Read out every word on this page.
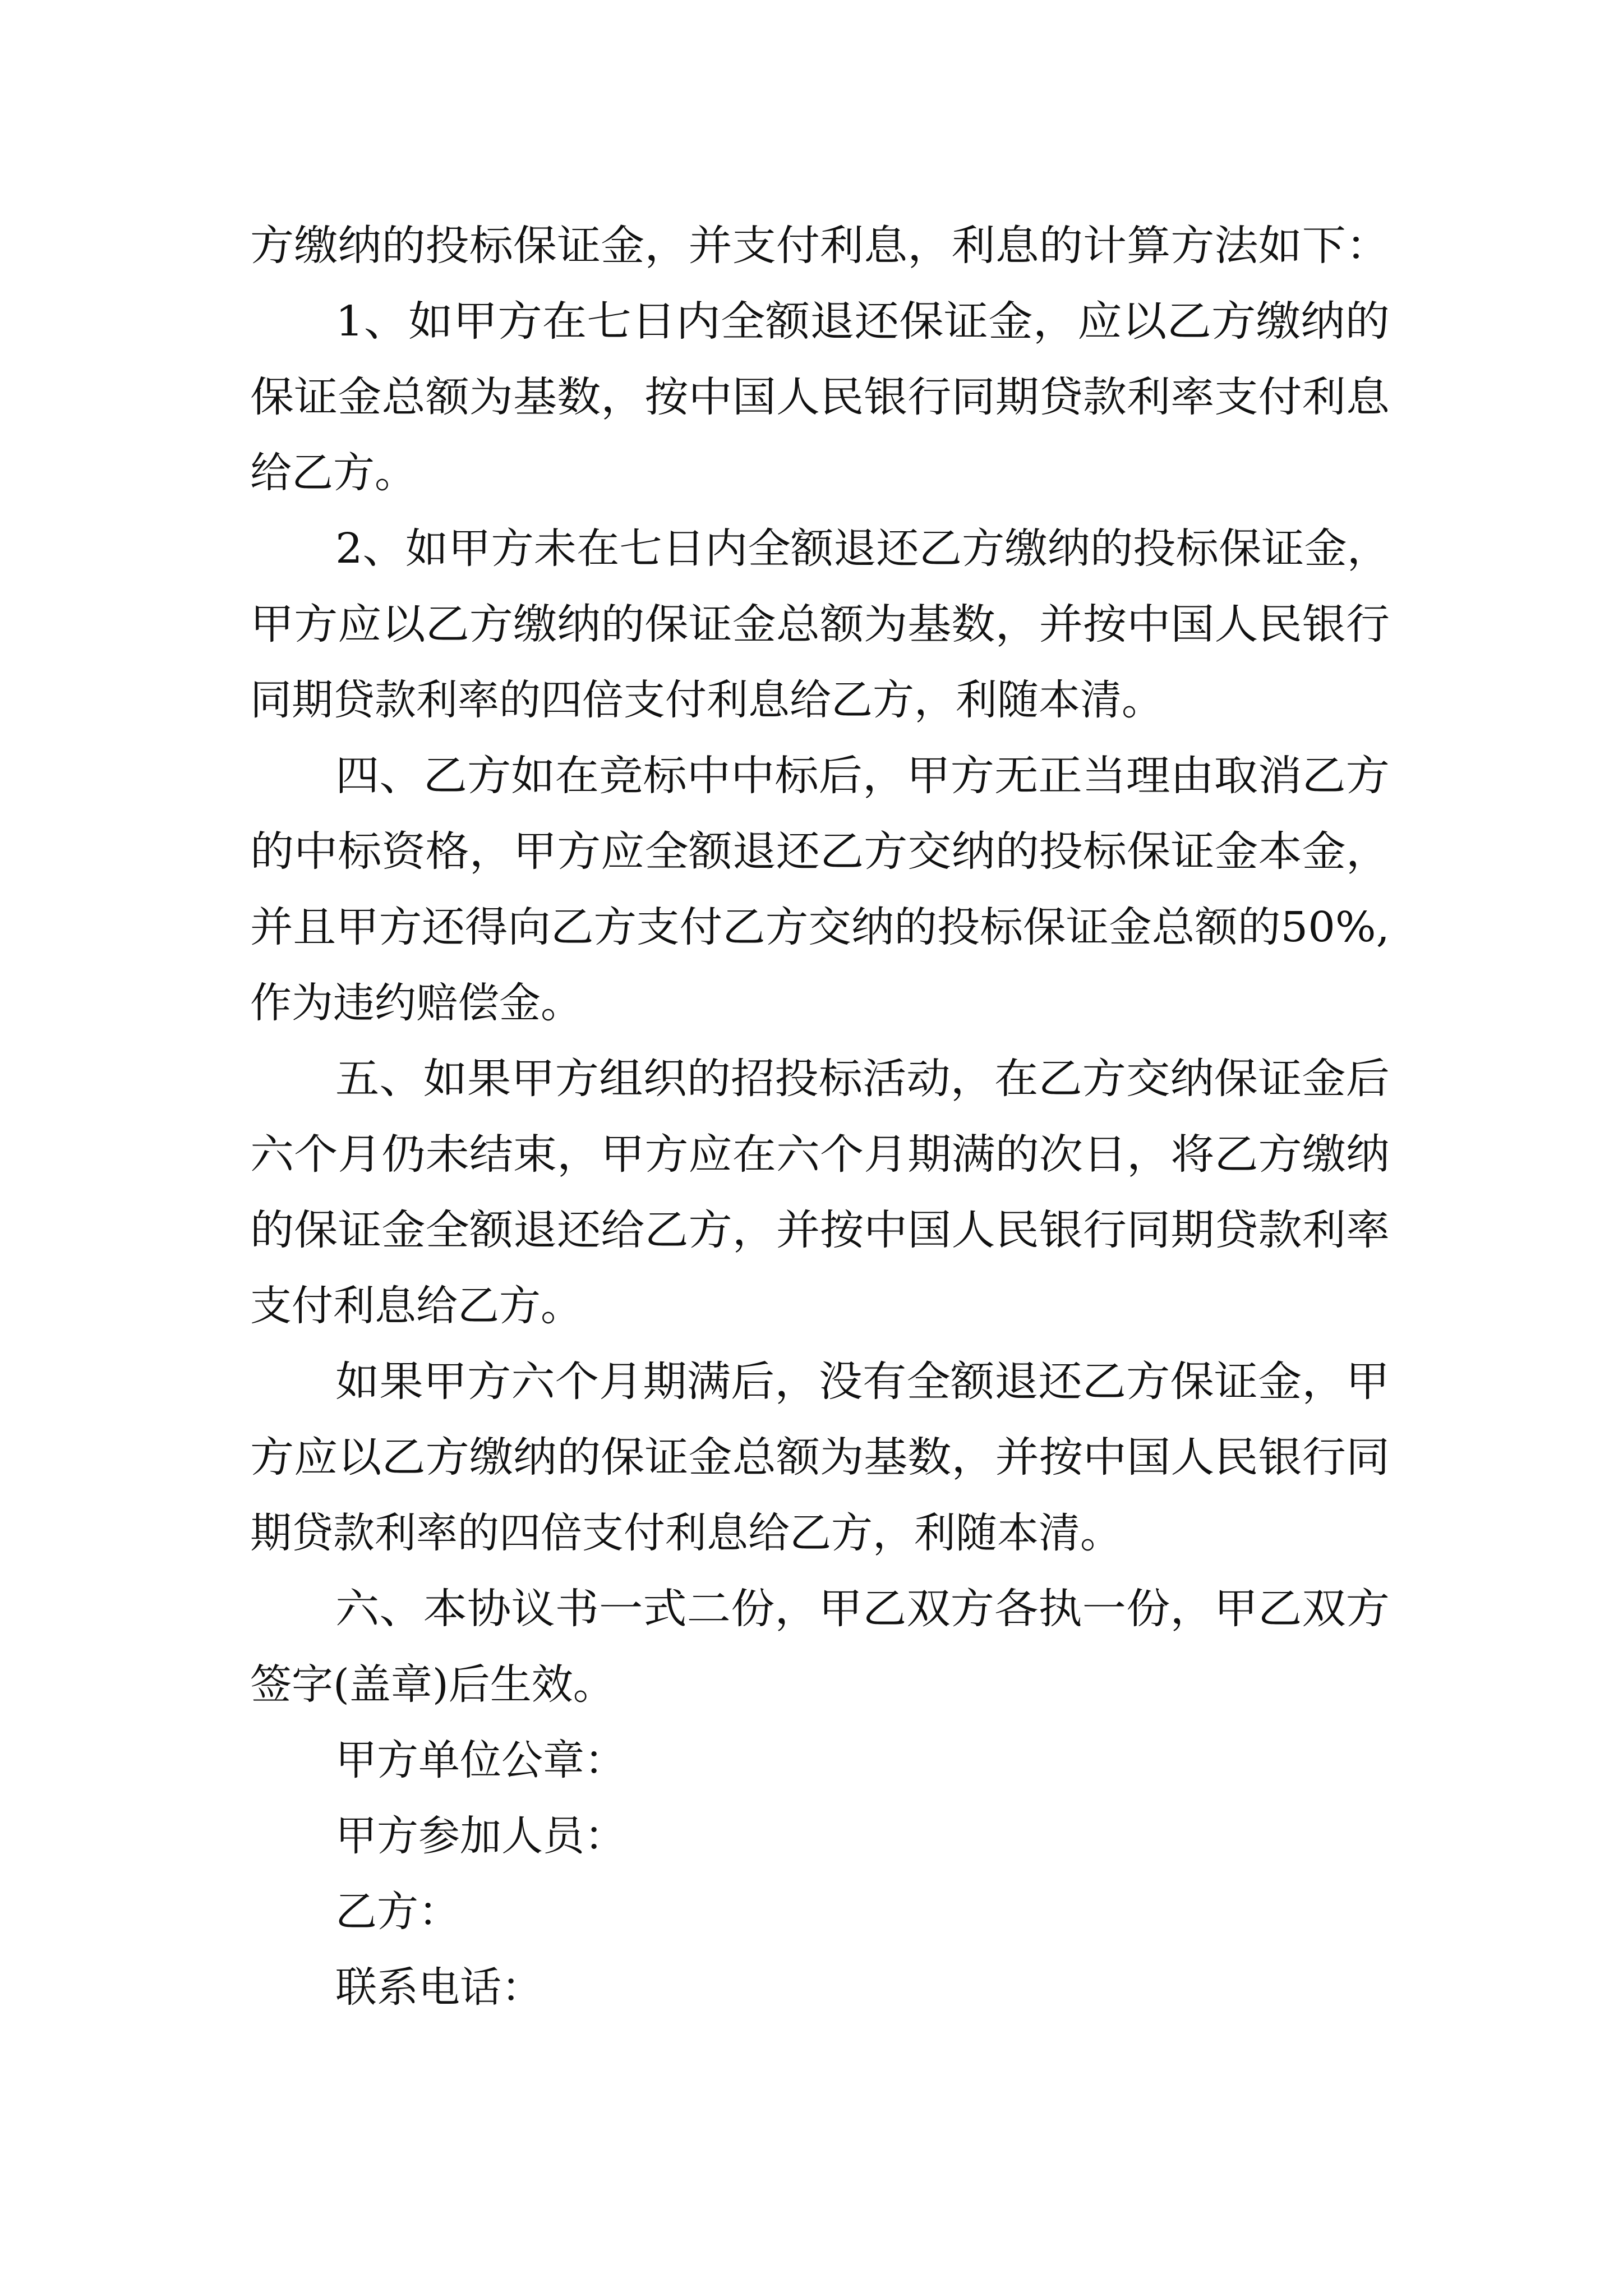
方缴纳的投标保证金，并支付利息，利息的计算方法如下：
1、如甲方在七日内全额退还保证金，应以乙方缴纳的
保证金总额为基数，按中国人民银行同期贷款利率支付利息
给乙方。
2、如甲方未在七日内全额退还乙方缴纳的投标保证金，
甲方应以乙方缴纳的保证金总额为基数，并按中国人民银行
同期贷款利率的四倍支付利息给乙方，利随本清。
四、乙方如在竞标中中标后，甲方无正当理由取消乙方
的中标资格，甲方应全额退还乙方交纳的投标保证金本金，
并且甲方还得向乙方支付乙方交纳的投标保证金总额的50%,
作为违约赔偿金。
五、如果甲方组织的招投标活动，在乙方交纳保证金后
六个月仍未结束，甲方应在六个月期满的次日，将乙方缴纳
的保证金全额退还给乙方，并按中国人民银行同期贷款利率
支付利息给乙方。
如果甲方六个月期满后，没有全额退还乙方保证金，甲
方应以乙方缴纳的保证金总额为基数，并按中国人民银行同
期贷款利率的四倍支付利息给乙方，利随本清。
六、本协议书一式二份，甲乙双方各执一份，甲乙双方
签字(盖章)后生效。
甲方单位公章：
甲方参加人员：
乙方：
联系电话：
